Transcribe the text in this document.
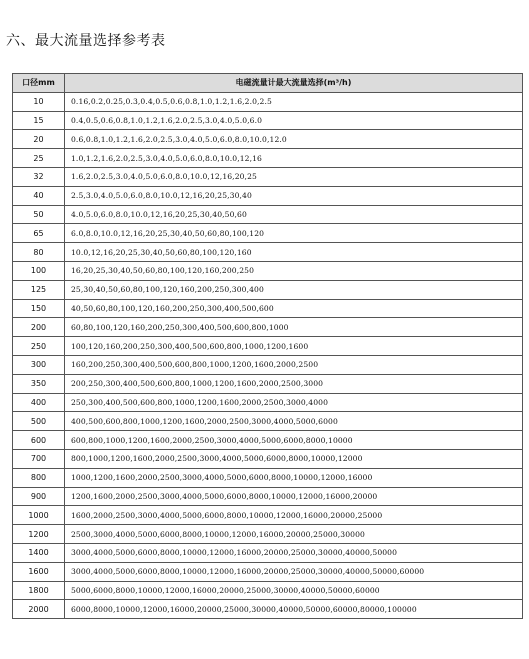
六、最大流量选择参考表
口径mm	电磁流量计最大流量选择(m³/h)
10	0.16,0.2,0.25,0.3,0.4,0.5,0.6,0.8,1.0,1.2,1.6,2.0,2.5
15	0.4,0.5,0.6,0.8,1.0,1.2,1.6,2.0,2.5,3.0,4.0,5.0,6.0
20	0.6,0.8,1.0,1.2,1.6,2.0,2.5,3.0,4.0,5.0,6.0,8.0,10.0,12.0
25	1.0,1.2,1.6,2.0,2.5,3.0,4.0,5.0,6.0,8.0,10.0,12,16
32	1.6,2.0,2.5,3.0,4.0,5.0,6.0,8.0,10.0,12,16,20,25
40	2.5,3.0,4.0,5.0,6.0,8.0,10.0,12,16,20,25,30,40
50	4.0,5.0,6.0,8.0,10.0,12,16,20,25,30,40,50,60
65	6.0,8.0,10.0,12,16,20,25,30,40,50,60,80,100,120
80	10.0,12,16,20,25,30,40,50,60,80,100,120,160
100	16,20,25,30,40,50,60,80,100,120,160,200,250
125	25,30,40,50,60,80,100,120,160,200,250,300,400
150	40,50,60,80,100,120,160,200,250,300,400,500,600
200	60,80,100,120,160,200,250,300,400,500,600,800,1000
250	100,120,160,200,250,300,400,500,600,800,1000,1200,1600
300	160,200,250,300,400,500,600,800,1000,1200,1600,2000,2500
350	200,250,300,400,500,600,800,1000,1200,1600,2000,2500,3000
400	250,300,400,500,600,800,1000,1200,1600,2000,2500,3000,4000
500	400,500,600,800,1000,1200,1600,2000,2500,3000,4000,5000,6000
600	600,800,1000,1200,1600,2000,2500,3000,4000,5000,6000,8000,10000
700	800,1000,1200,1600,2000,2500,3000,4000,5000,6000,8000,10000,12000
800	1000,1200,1600,2000,2500,3000,4000,5000,6000,8000,10000,12000,16000
900	1200,1600,2000,2500,3000,4000,5000,6000,8000,10000,12000,16000,20000
1000	1600,2000,2500,3000,4000,5000,6000,8000,10000,12000,16000,20000,25000
1200	2500,3000,4000,5000,6000,8000,10000,12000,16000,20000,25000,30000
1400	3000,4000,5000,6000,8000,10000,12000,16000,20000,25000,30000,40000,50000
1600	3000,4000,5000,6000,8000,10000,12000,16000,20000,25000,30000,40000,50000,60000
1800	5000,6000,8000,10000,12000,16000,20000,25000,30000,40000,50000,60000
2000	6000,8000,10000,12000,16000,20000,25000,30000,40000,50000,60000,80000,100000
